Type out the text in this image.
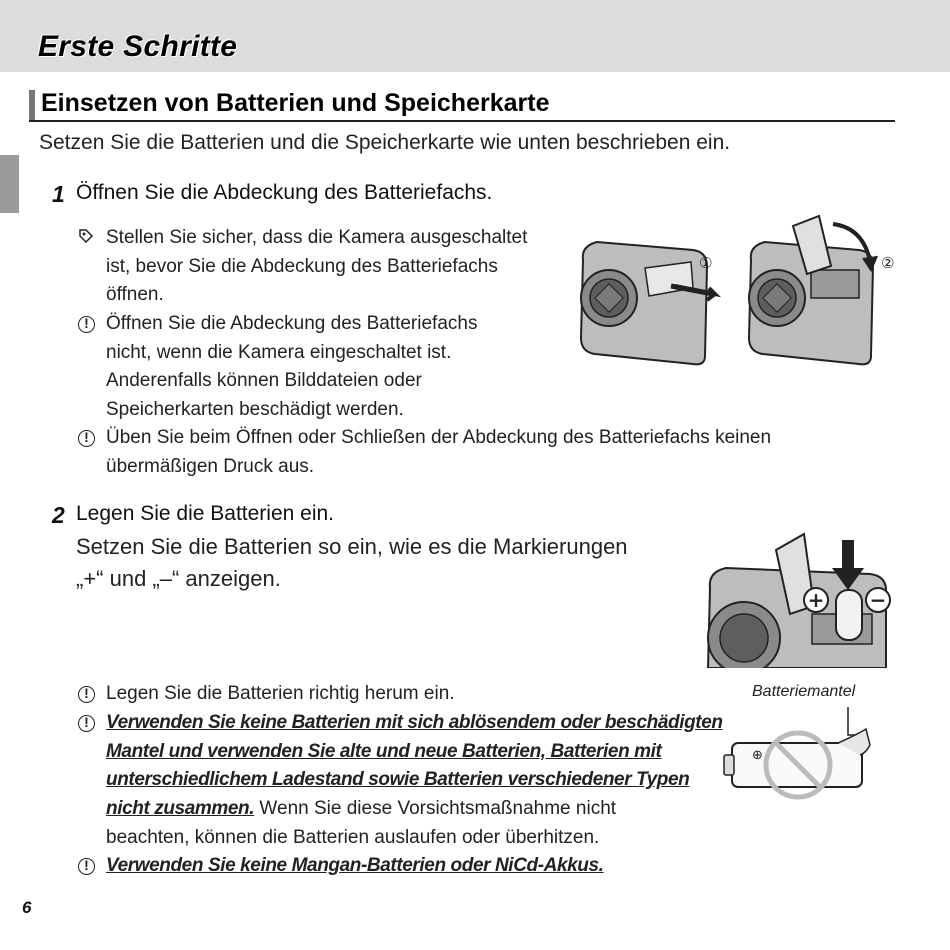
Erste Schritte
Einsetzen von Batterien und Speicherkarte
Setzen Sie die Batterien und die Speicherkarte wie unten beschrieben ein.
1 Öffnen Sie die Abdeckung des Batteriefachs.
Stellen Sie sicher, dass die Kamera ausgeschaltet
ist, bevor Sie die Abdeckung des Batteriefachs
öffnen.
!
Öffnen Sie die Abdeckung des Batteriefachs
nicht, wenn die Kamera eingeschaltet ist.
Anderenfalls können Bilddateien oder
Speicherkarten beschädigt werden.
!
Üben Sie beim Öffnen oder Schließen der Abdeckung des Batteriefachs keinen
übermäßigen Druck aus.
①	②
2 Legen Sie die Batterien ein.
Setzen Sie die Batterien so ein, wie es die Markierungen
„+“ und „–“ anzeigen.
+ −
!
Legen Sie die Batterien richtig herum ein.
!
Verwenden Sie keine Batterien mit sich ablösendem oder beschädigten
Mantel und verwenden Sie alte und neue Batterien, Batterien mit
unterschiedlichem Ladestand sowie Batterien verschiedener Typen
nicht zusammen. Wenn Sie diese Vorsichtsmaßnahme nicht
beachten, können die Batterien auslaufen oder überhitzen.
!
Verwenden Sie keine Mangan-Batterien oder NiCd-Akkus.
Batteriemantel
⊕
6
